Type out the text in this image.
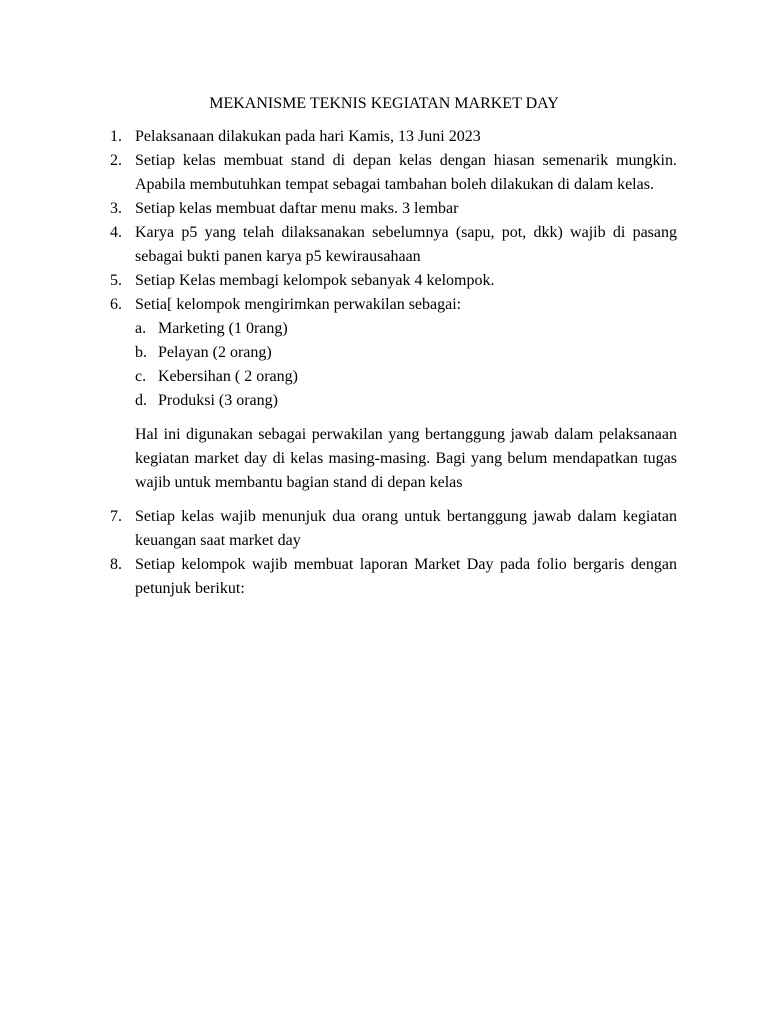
MEKANISME TEKNIS KEGIATAN MARKET DAY
1. Pelaksanaan dilakukan pada hari Kamis, 13 Juni 2023
2. Setiap kelas membuat stand di depan kelas dengan hiasan semenarik mungkin. Apabila membutuhkan tempat sebagai tambahan boleh dilakukan di dalam kelas.
3. Setiap kelas membuat daftar menu maks. 3 lembar
4. Karya p5 yang telah dilaksanakan sebelumnya (sapu, pot, dkk) wajib di pasang sebagai bukti panen karya p5 kewirausahaan
5. Setiap Kelas membagi kelompok sebanyak 4 kelompok.
6. Setia[ kelompok mengirimkan perwakilan sebagai:
a. Marketing (1 0rang)
b. Pelayan (2 orang)
c. Kebersihan ( 2 orang)
d. Produksi (3 orang)

Hal ini digunakan sebagai perwakilan yang bertanggung jawab dalam pelaksanaan kegiatan market day di kelas masing-masing. Bagi yang belum mendapatkan tugas wajib untuk membantu bagian stand di depan kelas

7. Setiap kelas wajib menunjuk dua orang untuk bertanggung jawab dalam kegiatan keuangan saat market day
8. Setiap kelompok wajib membuat laporan Market Day pada folio bergaris dengan petunjuk berikut:
